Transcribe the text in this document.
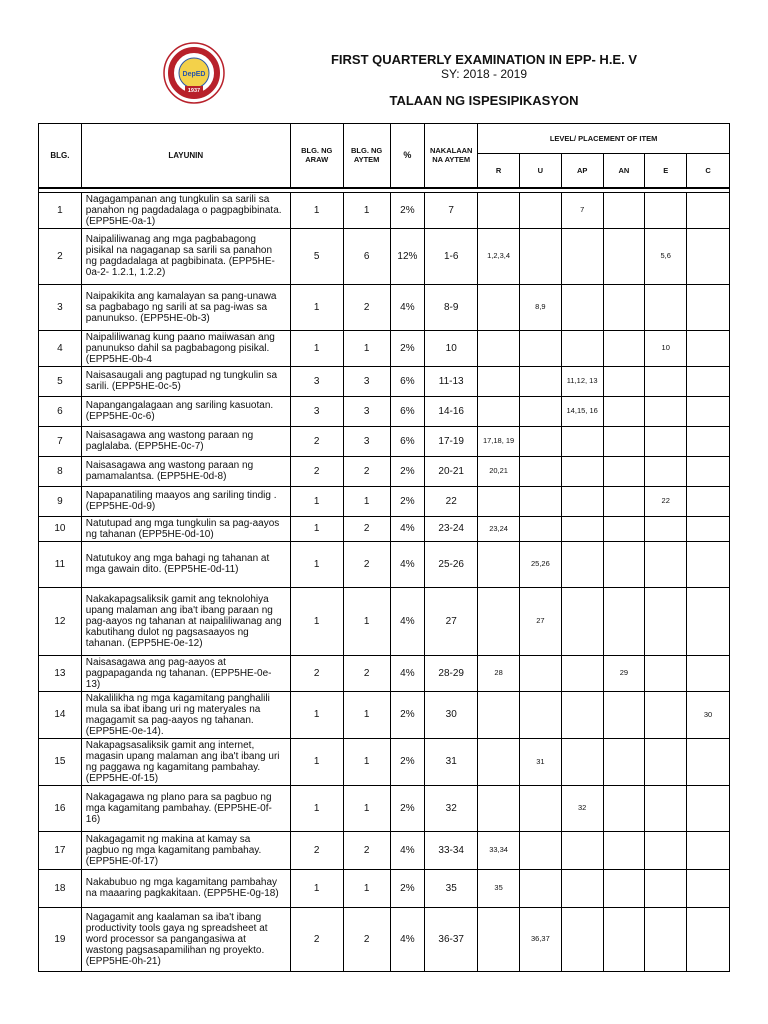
DepED
1937
FIRST QUARTERLY EXAMINATION IN EPP- H.E. V
SY: 2018 - 2019
TALAAN NG ISPESIPIKASYON
BLG.	LAYUNIN	BLG. NG ARAW	BLG. NG AYTEM	%	NAKALAAN NA AYTEM	LEVEL/ PLACEMENT OF ITEM					
						R	U	AP	AN	E	C

1	Nagagampanan ang tungkulin sa sarili sa panahon ng pagdadalaga o pagpagbibinata. (EPP5HE-0a-1)	1	1	2%	7			7			
2	Naipaliliwanag ang mga pagbabagong pisikal na nagaganap sa sarili sa panahon ng pagdadalaga at pagbibinata. (EPP5HE-0a-2- 1.2.1, 1.2.2)	5	6	12%	1-6	1,2,3,4				5,6	
3	Naipakikita ang kamalayan sa pang-unawa sa pagbabago ng sarili at sa pag-iwas sa panunukso. (EPP5HE-0b-3)	1	2	4%	8-9		8,9				
4	Naipaliliwanag kung paano maiiwasan ang panunukso dahil sa pagbabagong pisikal. (EPP5HE-0b-4	1	1	2%	10					10	
5	Naisasaugali ang pagtupad ng tungkulin sa sarili. (EPP5HE-0c-5)	3	3	6%	11-13			11,12, 13			
6	Napangangalagaan ang sariling kasuotan. (EPP5HE-0c-6)	3	3	6%	14-16			14,15, 16			
7	Naisasagawa ang wastong paraan ng paglalaba. (EPP5HE-0c-7)	2	3	6%	17-19	17,18, 19					
8	Naisasagawa ang wastong paraan ng pamamalantsa. (EPP5HE-0d-8)	2	2	2%	20-21	20,21					
9	Napapanatiling maayos ang sariling tindig . (EPP5HE-0d-9)	1	1	2%	22					22	
10	Natutupad ang mga tungkulin sa pag-aayos ng tahanan (EPP5HE-0d-10)	1	2	4%	23-24	23,24					
11	Natutukoy ang mga bahagi ng tahanan at mga gawain dito. (EPP5HE-0d-11)	1	2	4%	25-26		25,26				
12	Nakakapagsaliksik gamit ang teknolohiya upang malaman ang iba't ibang paraan ng pag-aayos ng tahanan at naipaliliwanag ang kabutihang dulot ng pagsasaayos ng tahanan. (EPP5HE-0e-12)	1	1	4%	27		27				
13	Naisasagawa ang pag-aayos at pagpapaganda ng tahanan. (EPP5HE-0e-13)	2	2	4%	28-29	28			29		
14	Nakalilikha ng mga kagamitang panghalili mula sa ibat ibang uri ng materyales na magagamit sa pag-aayos ng tahanan. (EPP5HE-0e-14).	1	1	2%	30						30
15	Nakapagsasaliksik gamit ang internet, magasin upang malaman ang iba't ibang uri ng paggawa ng kagamitang pambahay. (EPP5HE-0f-15)	1	1	2%	31		31				
16	Nakagagawa ng plano para sa pagbuo ng mga kagamitang pambahay. (EPP5HE-0f-16)	1	1	2%	32			32			
17	Nakagagamit ng makina at kamay sa pagbuo ng mga kagamitang pambahay. (EPP5HE-0f-17)	2	2	4%	33-34	33,34					
18	Nakabubuo ng mga kagamitang pambahay na maaaring pagkakitaan. (EPP5HE-0g-18)	1	1	2%	35	35					
19	Nagagamit ang kaalaman sa iba't ibang productivity tools gaya ng spreadsheet at word processor sa pangangasiwa at wastong pagsasapamilihan ng proyekto. (EPP5HE-0h-21)	2	2	4%	36-37		36,37				
